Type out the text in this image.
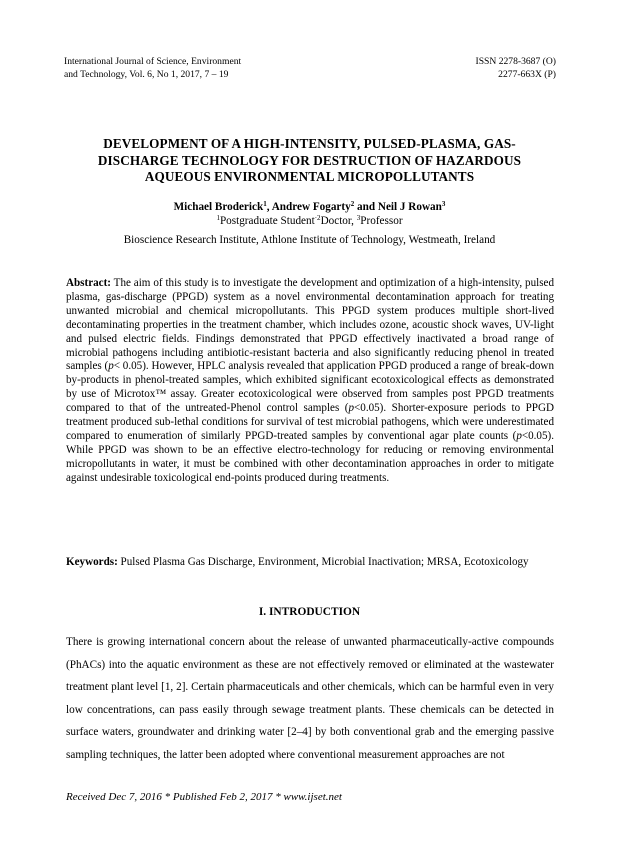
International Journal of Science, Environment
and Technology, Vol. 6, No 1, 2017, 7 – 19
ISSN 2278-3687 (O)
2277-663X (P)
DEVELOPMENT OF A HIGH-INTENSITY, PULSED-PLASMA, GAS-
DISCHARGE TECHNOLOGY FOR DESTRUCTION OF HAZARDOUS
AQUEOUS ENVIRONMENTAL MICROPOLLUTANTS
Michael Broderick$^1$, Andrew Fogarty$^2$ and Neil J Rowan$^3$
$^1$Postgraduate Student$^{\cdot 2}$Doctor, $^3$Professor
Bioscience Research Institute, Athlone Institute of Technology, Westmeath, Ireland
Abstract: The aim of this study is to investigate the development and optimization of a high-intensity, pulsed plasma, gas-discharge (PPGD) system as a novel environmental decontamination approach for treating unwanted microbial and chemical micropollutants. This PPGD system produces multiple short-lived decontaminating properties in the treatment chamber, which includes ozone, acoustic shock waves, UV-light and pulsed electric fields. Findings demonstrated that PPGD effectively inactivated a broad range of microbial pathogens including antibiotic-resistant bacteria and also significantly reducing phenol in treated samples (p< 0.05). However, HPLC analysis revealed that application PPGD produced a range of break-down by-products in phenol-treated samples, which exhibited significant ecotoxicological effects as demonstrated by use of Microtox™ assay. Greater ecotoxicological were observed from samples post PPGD treatments compared to that of the untreated-Phenol control samples (p<0.05). Shorter-exposure periods to PPGD treatment produced sub-lethal conditions for survival of test microbial pathogens, which were underestimated compared to enumeration of similarly PPGD-treated samples by conventional agar plate counts (p<0.05). While PPGD was shown to be an effective electro-technology for reducing or removing environmental micropollutants in water, it must be combined with other decontamination approaches in order to mitigate against undesirable toxicological end-points produced during treatments.
Keywords: Pulsed Plasma Gas Discharge, Environment, Microbial Inactivation; MRSA, Ecotoxicology
I. INTRODUCTION
There is growing international concern about the release of unwanted pharmaceutically-active compounds (PhACs) into the aquatic environment as these are not effectively removed or eliminated at the wastewater treatment plant level [1, 2]. Certain pharmaceuticals and other chemicals, which can be harmful even in very low concentrations, can pass easily through sewage treatment plants. These chemicals can be detected in surface waters, groundwater and drinking water [2–4] by both conventional grab and the emerging passive sampling techniques, the latter been adopted where conventional measurement approaches are not
Received Dec 7, 2016 * Published Feb 2, 2017 * www.ijset.net
